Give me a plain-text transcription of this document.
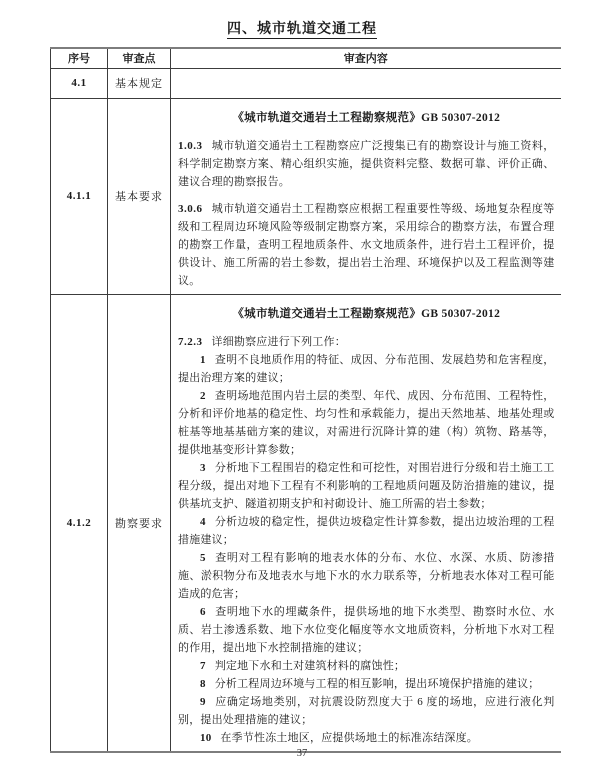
四、城市轨道交通工程
序号	审查点	审查内容
4.1	基本规定	
4.1.1	基本要求	《城市轨道交通岩土工程勘察规范》GB 50307-2012

1.0.3 城市轨道交通岩土工程勘察应广泛搜集已有的勘察设计与施工资料，科学制定勘察方案、精心组织实施，提供资料完整、数据可靠、评价正确、建议合理的勘察报告。

3.0.6 城市轨道交通岩土工程勘察应根据工程重要性等级、场地复杂程度等级和工程周边环境风险等级制定勘察方案，采用综合的勘察方法，布置合理的勘察工作量，查明工程地质条件、水文地质条件，进行岩土工程评价，提供设计、施工所需的岩土参数，提出岩土治理、环境保护以及工程监测等建议。

4.1.2	勘察要求	
《城市轨道交通岩土工程勘察规范》GB 50307-2012

7.2.3 详细勘察应进行下列工作：

1 查明不良地质作用的特征、成因、分布范围、发展趋势和危害程度，提出治理方案的建议；

2 查明场地范围内岩土层的类型、年代、成因、分布范围、工程特性，分析和评价地基的稳定性、均匀性和承载能力，提出天然地基、地基处理或桩基等地基基础方案的建议，对需进行沉降计算的建（构）筑物、路基等，提供地基变形计算参数；

3 分析地下工程围岩的稳定性和可挖性，对围岩进行分级和岩土施工工程分级，提出对地下工程有不利影响的工程地质问题及防治措施的建议，提供基坑支护、隧道初期支护和衬砌设计、施工所需的岩土参数；

4 分析边坡的稳定性，提供边坡稳定性计算参数，提出边坡治理的工程措施建议；

5 查明对工程有影响的地表水体的分布、水位、水深、水质、防渗措施、淤积物分布及地表水与地下水的水力联系等，分析地表水体对工程可能造成的危害；

6 查明地下水的埋藏条件，提供场地的地下水类型、勘察时水位、水质、岩土渗透系数、地下水位变化幅度等水文地质资料，分析地下水对工程的作用，提出地下水控制措施的建议；

7 判定地下水和土对建筑材料的腐蚀性；

8 分析工程周边环境与工程的相互影响，提出环境保护措施的建议；

9 应确定场地类别，对抗震设防烈度大于 6 度的场地，应进行液化判别，提出处理措施的建议；

10 在季节性冻土地区，应提供场地土的标准冻结深度。

37
